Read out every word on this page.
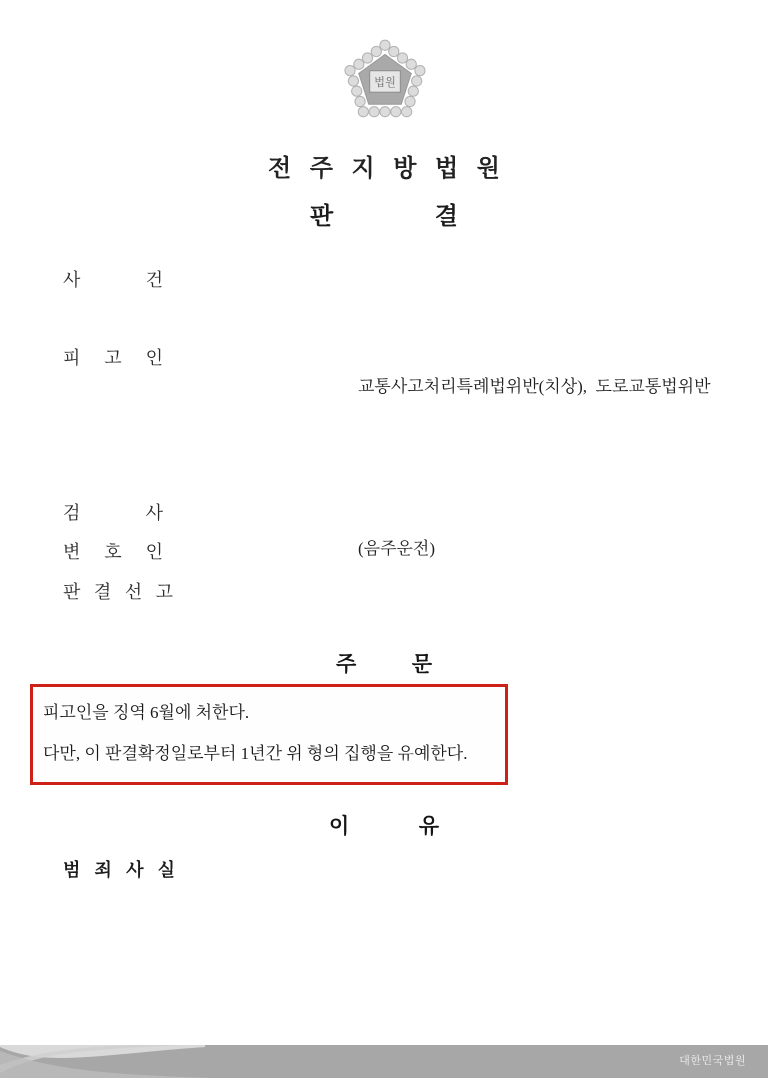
법원
전 주 지 방 법 원
판 결
사 건

교통사고처리특례법위반(치상),  도로교통법위반

(음주운전)

피 고 인
검 사
변 호 인
판 결 선 고
주 문
피고인을 징역 6월에 처한다.
다만, 이 판결확정일로부터 1년간 위 형의 집행을 유예한다.
이 유
범 죄 사 실
대한민국법원
